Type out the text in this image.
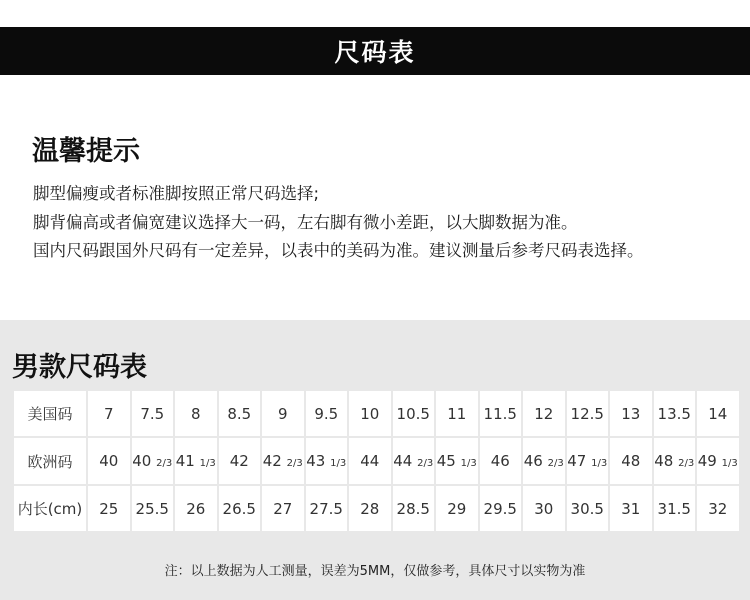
尺码表
温馨提示
脚型偏瘦或者标准脚按照正常尺码选择;
脚背偏高或者偏宽建议选择大一码，左右脚有微小差距，以大脚数据为准。
国内尺码跟国外尺码有一定差异，以表中的美码为准。建议测量后参考尺码表选择。
男款尺码表
美国码	7	7.5	8	8.5	9	9.5	10	10.5	11	11.5	12	12.5	13	13.5	14
欧洲码	40	40 2/3	41 1/3	42	42 2/3	43 1/3	44	44 2/3	45 1/3	46	46 2/3	47 1/3	48	48 2/3	49 1/3
内长(cm)	25	25.5	26	26.5	27	27.5	28	28.5	29	29.5	30	30.5	31	31.5	32
注：以上数据为人工测量，误差为5MM，仅做参考，具体尺寸以实物为准
